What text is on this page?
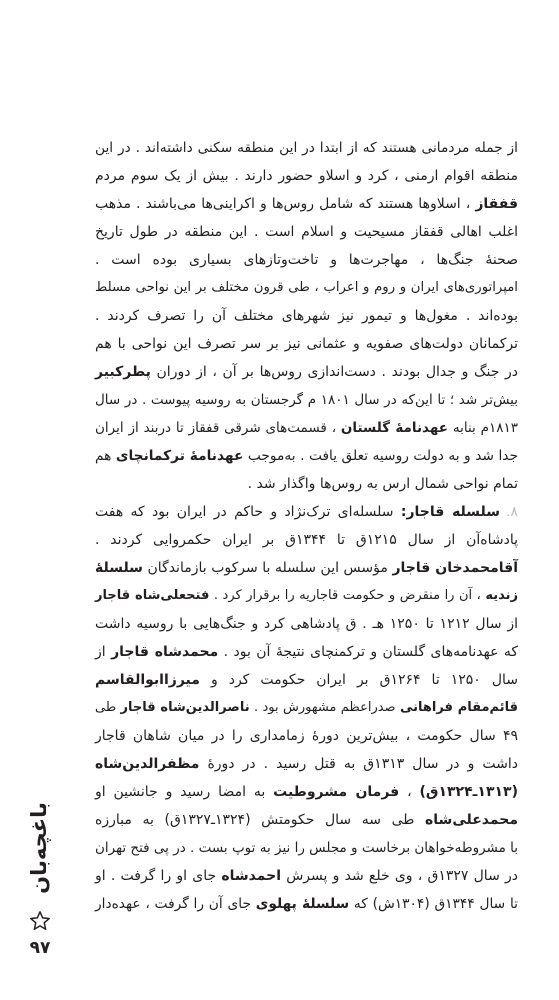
از جمله مردمانی هستند که از ابتدا در این منطقه سکنی داشته‌اند . در این
منطقه اقوام ارمنی ، کرد و اسلاو حضور دارند . بیش از یک سوم مردم
قفقاز ، اسلاوها هستند که شامل روس‌ها و اکراینی‌ها می‌باشند . مذهب
اغلب اهالی قفقاز مسیحیت و اسلام است . این منطقه در طول تاریخ
صحنهٔ جنگ‌ها ، مهاجرت‌ها و تاخت‌وتازهای بسیاری بوده است .
امپراتوری‌های ایران و روم و اعراب ، طی قرون مختلف بر این نواحی مسلط
بوده‌اند . مغول‌ها و تیمور نیز شهرهای مختلف آن را تصرف کردند .
ترکمانان دولت‌های صفویه و عثمانی نیز بر سر تصرف این نواحی با هم
در جنگ و جدال بودند . دست‌اندازی روس‌ها بر آن ، از دوران پطرکبیر
بیش‌تر شد ؛ تا این‌که در سال ۱۸۰۱ م گرجستان به روسیه پیوست . در سال
۱۸۱۳م بنابه عهدنامهٔ گلستان ، قسمت‌های شرقی قفقاز تا دربند از ایران
جدا شد و به دولت روسیه تعلق یافت . به‌موجب عهدنامهٔ ترکمانچای هم
تمام نواحی شمال ارس به روس‌ها واگذار شد .
۸.سلسله قاجار: سلسله‌ای ترک‌نژاد و حاکم در ایران بود که هفت
پادشاه‌آن از سال ۱۲۱۵ق تا ۱۳۴۴ق بر ایران حکمروایی کردند .
آقامحمدخان قاجار مؤسس این سلسله با سرکوب بازماندگان سلسلهٔ
زندیه ، آن را منقرض و حکومت قاجاریه را برقرار کرد . فتحعلی‌شاه قاجار
از سال ۱۲۱۲ تا ۱۲۵۰ هـ . ق پادشاهی کرد و جنگ‌هایی با روسیه داشت
که عهدنامه‌های گلستان و ترکمنچای نتیجهٔ آن بود . محمدشاه قاجار از
سال ۱۲۵۰ تا ۱۲۶۴ق بر ایران حکومت کرد و میرزاابوالقاسم
قائم‌مقام فراهانی صدراعظم مشهورش بود . ناصرالدین‌شاه قاجار طی
۴۹ سال حکومت ، بیش‌ترین دورهٔ زمامداری را در میان شاهان قاجار
داشت و در سال ۱۳۱۳ق به قتل رسید . در دورهٔ مظفرالدین‌شاه
(۱۳۱۳ـ۱۳۲۴ق) ، فرمان مشروطیت به امضا رسید و جانشین او
محمدعلی‌شاه طی سه سال حکومتش (۱۳۲۴ـ۱۳۲۷ق) به مبارزه
با مشروطه‌خواهان برخاست و مجلس را نیز به توپ بست . در پی فتح تهران
در سال ۱۳۲۷ق ، وی خلع شد و پسرش احمدشاه جای او را گرفت . او
تا سال ۱۳۴۴ق (۱۳۰۴ش) که سلسلهٔ پهلوی جای آن را گرفت ، عهده‌دار
باغچه‌بان
۹۷
